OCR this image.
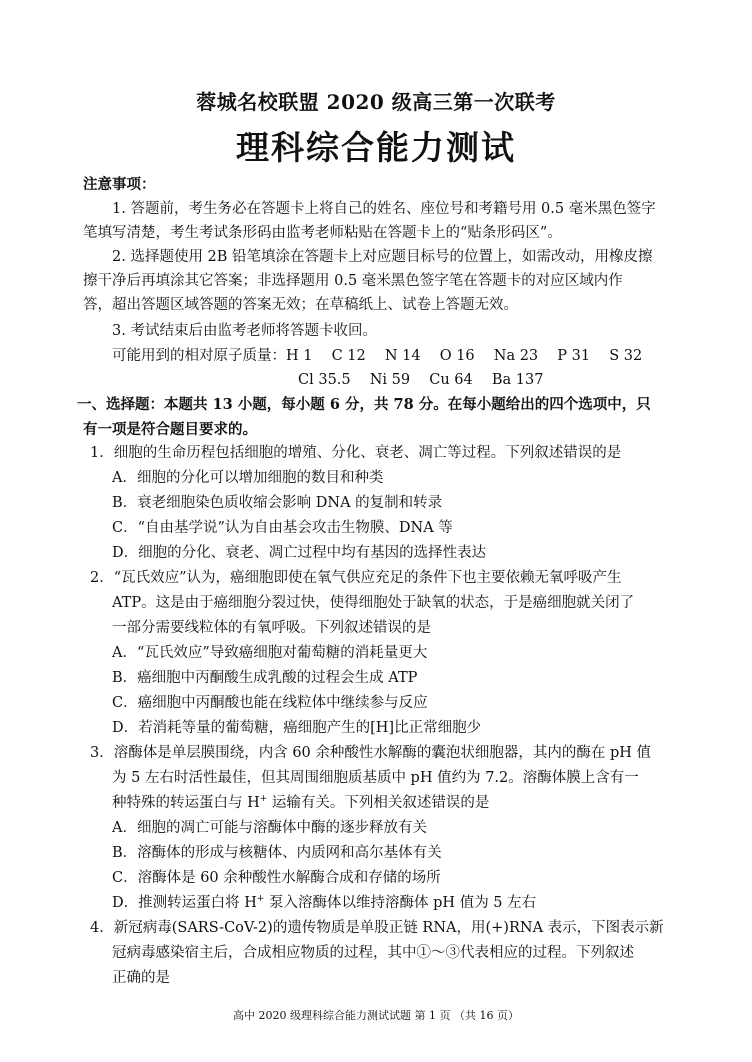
蓉城名校联盟 2020 级高三第一次联考
理科综合能力测试
注意事项：
1. 答题前，考生务必在答题卡上将自己的姓名、座位号和考籍号用 0.5 毫米黑色签字
笔填写清楚，考生考试条形码由监考老师粘贴在答题卡上的“贴条形码区”。
2. 选择题使用 2B 铅笔填涂在答题卡上对应题目标号的位置上，如需改动，用橡皮擦
擦干净后再填涂其它答案；非选择题用 0.5 毫米黑色签字笔在答题卡的对应区域内作
答，超出答题区域答题的答案无效；在草稿纸上、试卷上答题无效。
3. 考试结束后由监考老师将答题卡收回。
可能用到的相对原子质量：H 1　 C 12　 N 14　 O 16　 Na 23　 P 31　 S 32
Cl 35.5　 Ni 59　 Cu 64　 Ba 137
一、选择题：本题共 13 小题，每小题 6 分，共 78 分。在每小题给出的四个选项中，只
有一项是符合题目要求的。
1．细胞的生命历程包括细胞的增殖、分化、衰老、凋亡等过程。下列叙述错误的是
A．细胞的分化可以增加细胞的数目和种类
B．衰老细胞染色质收缩会影响 DNA 的复制和转录
C．“自由基学说”认为自由基会攻击生物膜、DNA 等
D．细胞的分化、衰老、凋亡过程中均有基因的选择性表达
2．“瓦氏效应”认为，癌细胞即使在氧气供应充足的条件下也主要依赖无氧呼吸产生
ATP。这是由于癌细胞分裂过快，使得细胞处于缺氧的状态，于是癌细胞就关闭了
一部分需要线粒体的有氧呼吸。下列叙述错误的是
A．“瓦氏效应”导致癌细胞对葡萄糖的消耗量更大
B．癌细胞中丙酮酸生成乳酸的过程会生成 ATP
C．癌细胞中丙酮酸也能在线粒体中继续参与反应
D．若消耗等量的葡萄糖，癌细胞产生的[H]比正常细胞少
3．溶酶体是单层膜围绕，内含 60 余种酸性水解酶的囊泡状细胞器，其内的酶在 pH 值
为 5 左右时活性最佳，但其周围细胞质基质中 pH 值约为 7.2。溶酶体膜上含有一
种特殊的转运蛋白与 H+ 运输有关。下列相关叙述错误的是
A．细胞的凋亡可能与溶酶体中酶的逐步释放有关
B．溶酶体的形成与核糖体、内质网和高尔基体有关
C．溶酶体是 60 余种酸性水解酶合成和存储的场所
D．推测转运蛋白将 H+ 泵入溶酶体以维持溶酶体 pH 值为 5 左右
4．新冠病毒(SARS-CoV-2)的遗传物质是单股正链 RNA，用(+)RNA 表示，下图表示新
冠病毒感染宿主后，合成相应物质的过程，其中①～③代表相应的过程。下列叙述
正确的是
高中 2020 级理科综合能力测试试题 第 1 页 （共 16 页）
